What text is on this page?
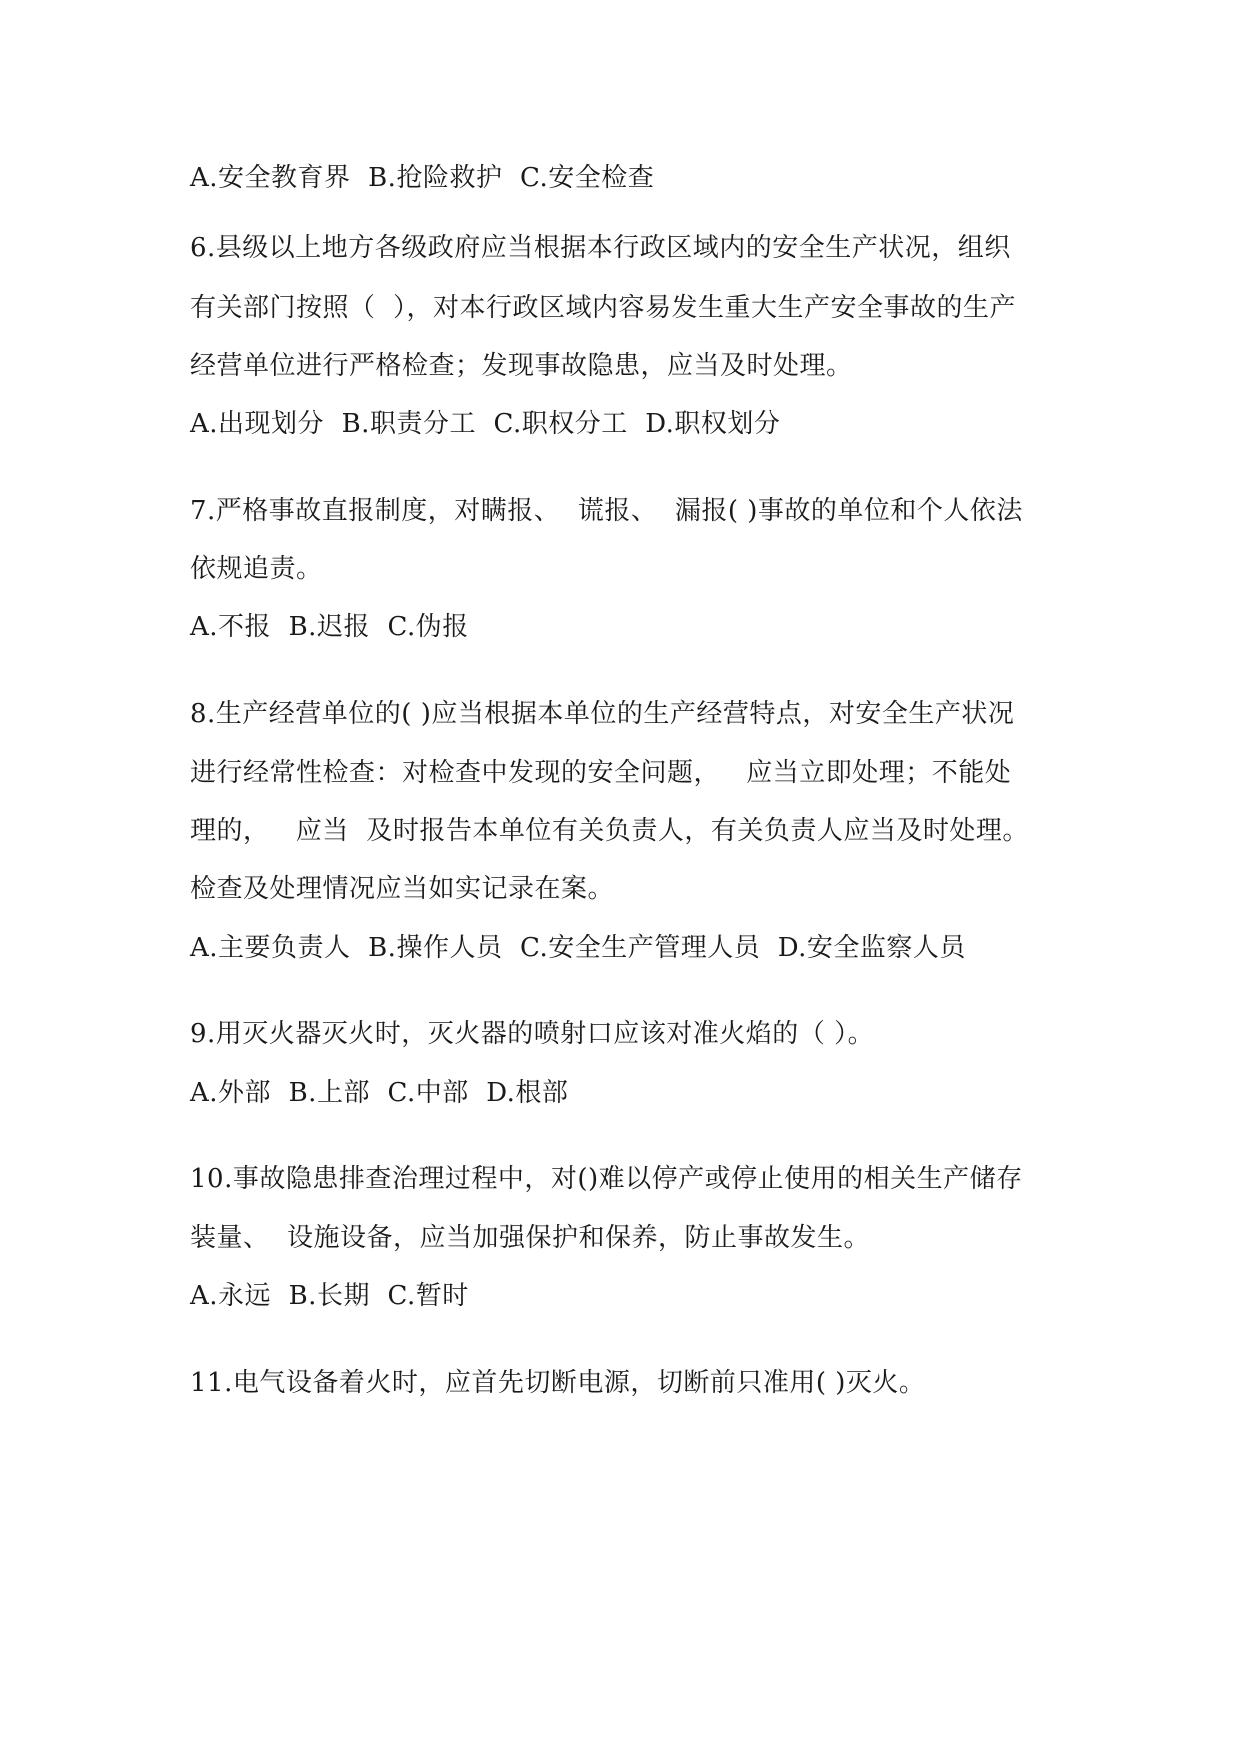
A.安全教育界  B.抢险救护  C.安全检查
6.县级以上地方各级政府应当根据本行政区域内的安全生产状况，组织
有关部门按照（  ），对本行政区域内容易发生重大生产安全事故的生产
经营单位进行严格检查；发现事故隐患，应当及时处理。
A.出现划分  B.职责分工  C.职权分工  D.职权划分
7.严格事故直报制度，对瞒报、  谎报、  漏报( )事故的单位和个人依法
依规追责。
A.不报  B.迟报  C.伪报
8.生产经营单位的( )应当根据本单位的生产经营特点，对安全生产状况
进行经常性检查：对检查中发现的安全问题，   应当立即处理；不能处
理的，   应当  及时报告本单位有关负责人，有关负责人应当及时处理。
检查及处理情况应当如实记录在案。
A.主要负责人  B.操作人员  C.安全生产管理人员  D.安全监察人员
9.用灭火器灭火时，灭火器的喷射口应该对准火焰的（ ）。
A.外部  B.上部  C.中部  D.根部
10.事故隐患排查治理过程中，对()难以停产或停止使用的相关生产储存
装量、  设施设备，应当加强保护和保养，防止事故发生。
A.永远  B.长期  C.暂时
11.电气设备着火时，应首先切断电源，切断前只准用( )灭火。
